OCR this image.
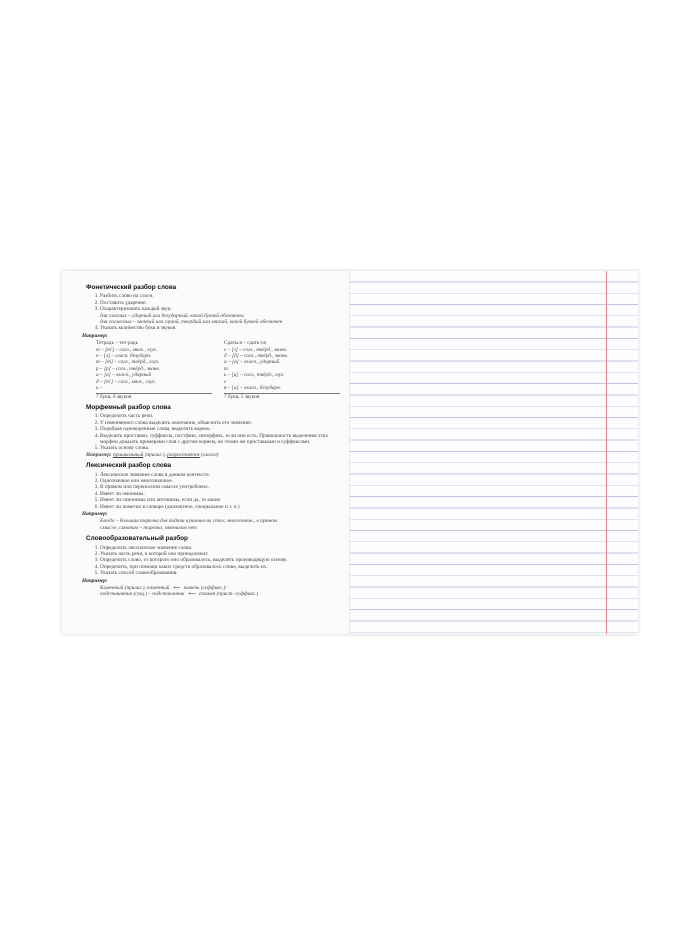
Фонетический разбор слова
1. Разбить слово на слоги.
2. Поставить ударение.
3. Охарактеризовать каждый звук:
для гласных – ударный или безударный, какой буквой обозначен;
для согласных – звонкий или глухой, твердый или мягкий, какой буквой обозначен
4. Указать количество букв и звуков.
Например:
Тетрадь – тет-радь
т – [т'] – согл., мягк., глух.
е – [э] – гласн. безударн.
т – [т] – согл., твёрд., глух.
р – [р] – согл., твёрд., звонк.
а – [а] – гласн., ударный
д – [т'] – согл., мягк., глух.
ь –
7 букв, 6 звуков
Сдаться – сдать-ся
с – [з] – согл., твёрд., звонк.
д – [д] – согл., твёрд., звонк.
а – [а] – гласн., ударный
т
ь – [ц] – согл., твёрд., глух.
с
я – [а] – гласн., безударн.
7 букв, 5 звуков
Морфемный разбор слова
1. Определить часть речи.
2. У изменяемого слова выделить окончание, объяснить его значение.
3. Подобрав однокоренные слова, выделить корень.
4. Выделить приставки, суффиксы, постфикс, интерфикс, если они есть. Правильность выделения этих морфем доказать примерами слов с другим корнем, но этими же приставками и суффиксами.
5. Указать основу слова.
Например: пришкольный (прилаг.), разрастается (глагол)
Лексический разбор слова
1. Лексическое значение слова в данном контексте.
2. Однозначное или многозначное.
3. В прямом или переносном смысле употреблено.
4. Имеет ли омонимы.
5. Имеет ли синонимы или антонимы, если да, то какие.
6. Имеет ли пометки в словаре (диалектное, специальное и т. п.)
Например:
Блюдо – большая тарелка для подачи кушанья на стол; многозначн., в прямом
смысле, синоним – тарелка, омонимов нет
Словообразовательный разбор
1. Определить лексическое значение слова.
2. Указать часть речи, к которой оно принадлежит.
3. Определить слово, от которого оно образовалось, выделить производящую основу.
4. Определить, при помощи каких средств образовалось слово, выделить их.
5. Указать способ словообразования.
Например:
Каменный (прилаг.), каменный ⟵ камень (суффикс.);
подстаканник (сущ.) – подстаканник ⟵ стакан (прист.-суффикс.)
